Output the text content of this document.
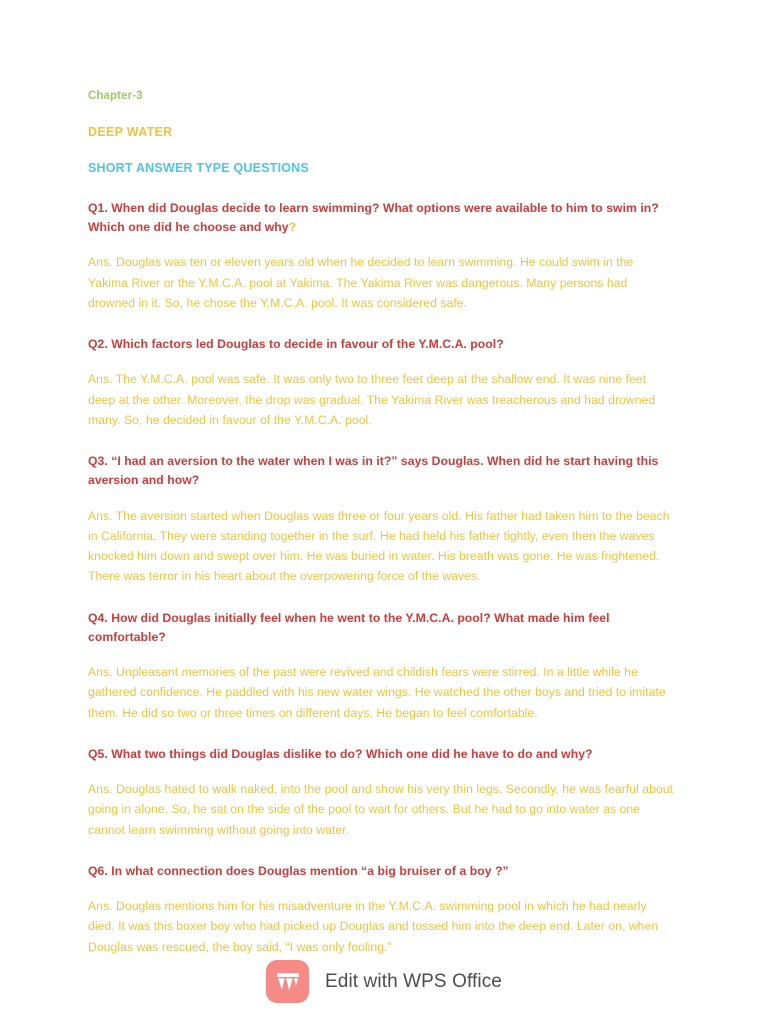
Chapter-3

DEEP WATER

SHORT ANSWER TYPE QUESTIONS

Q1. When did Douglas decide to learn swimming? What options were available to him to swim in? Which one did he choose and why?

Ans. Douglas was ten or eleven years old when he decided to learn swimming. He could swim in the Yakima River or the Y.M.C.A. pool at Yakima. The Yakima River was dangerous. Many persons had drowned in it. So, he chose the Y.M.C.A. pool. It was considered safe.

Q2. Which factors led Douglas to decide in favour of the Y.M.C.A. pool?

Ans. The Y.M.C.A. pool was safe. It was only two to three feet deep at the shallow end. It was nine feet deep at the other. Moreover, the drop was gradual. The Yakima River was treacherous and had drowned many. So, he decided in favour of the Y.M.C.A. pool.

Q3. “I had an aversion to the water when I was in it?” says Douglas. When did he start having this aversion and how?

Ans. The aversion started when Douglas was three or four years old. His father had taken him to the beach in California. They were standing together in the surf. He had held his father tightly, even then the waves knocked him down and swept over him. He was buried in water. His breath was gone. He was frightened. There was terror in his heart about the overpowering force of the waves.

Q4. How did Douglas initially feel when he went to the Y.M.C.A. pool? What made him feel comfortable?

Ans. Unpleasant memories of the past were revived and childish fears were stirred. In a little while he gathered confidence. He paddled with his new water wings. He watched the other boys and tried to imitate them. He did so two or three times on different days. He began to feel comfortable.

Q5. What two things did Douglas dislike to do? Which one did he have to do and why?

Ans. Douglas hated to walk naked, into the pool and show his very thin legs. Secondly, he was fearful about going in alone. So, he sat on the side of the pool to wait for others. But he had to go into water as one cannot learn swimming without going into water.

Q6. In what connection does Douglas mention “a big bruiser of a boy ?”

Ans. Douglas mentions him for his misadventure in the Y.M.C.A. swimming pool in which he had nearly died. It was this boxer boy who had picked up Douglas and tossed him into the deep end. Later on, when Douglas was rescued, the boy said, “I was only fooling.”

Edit with WPS Office
